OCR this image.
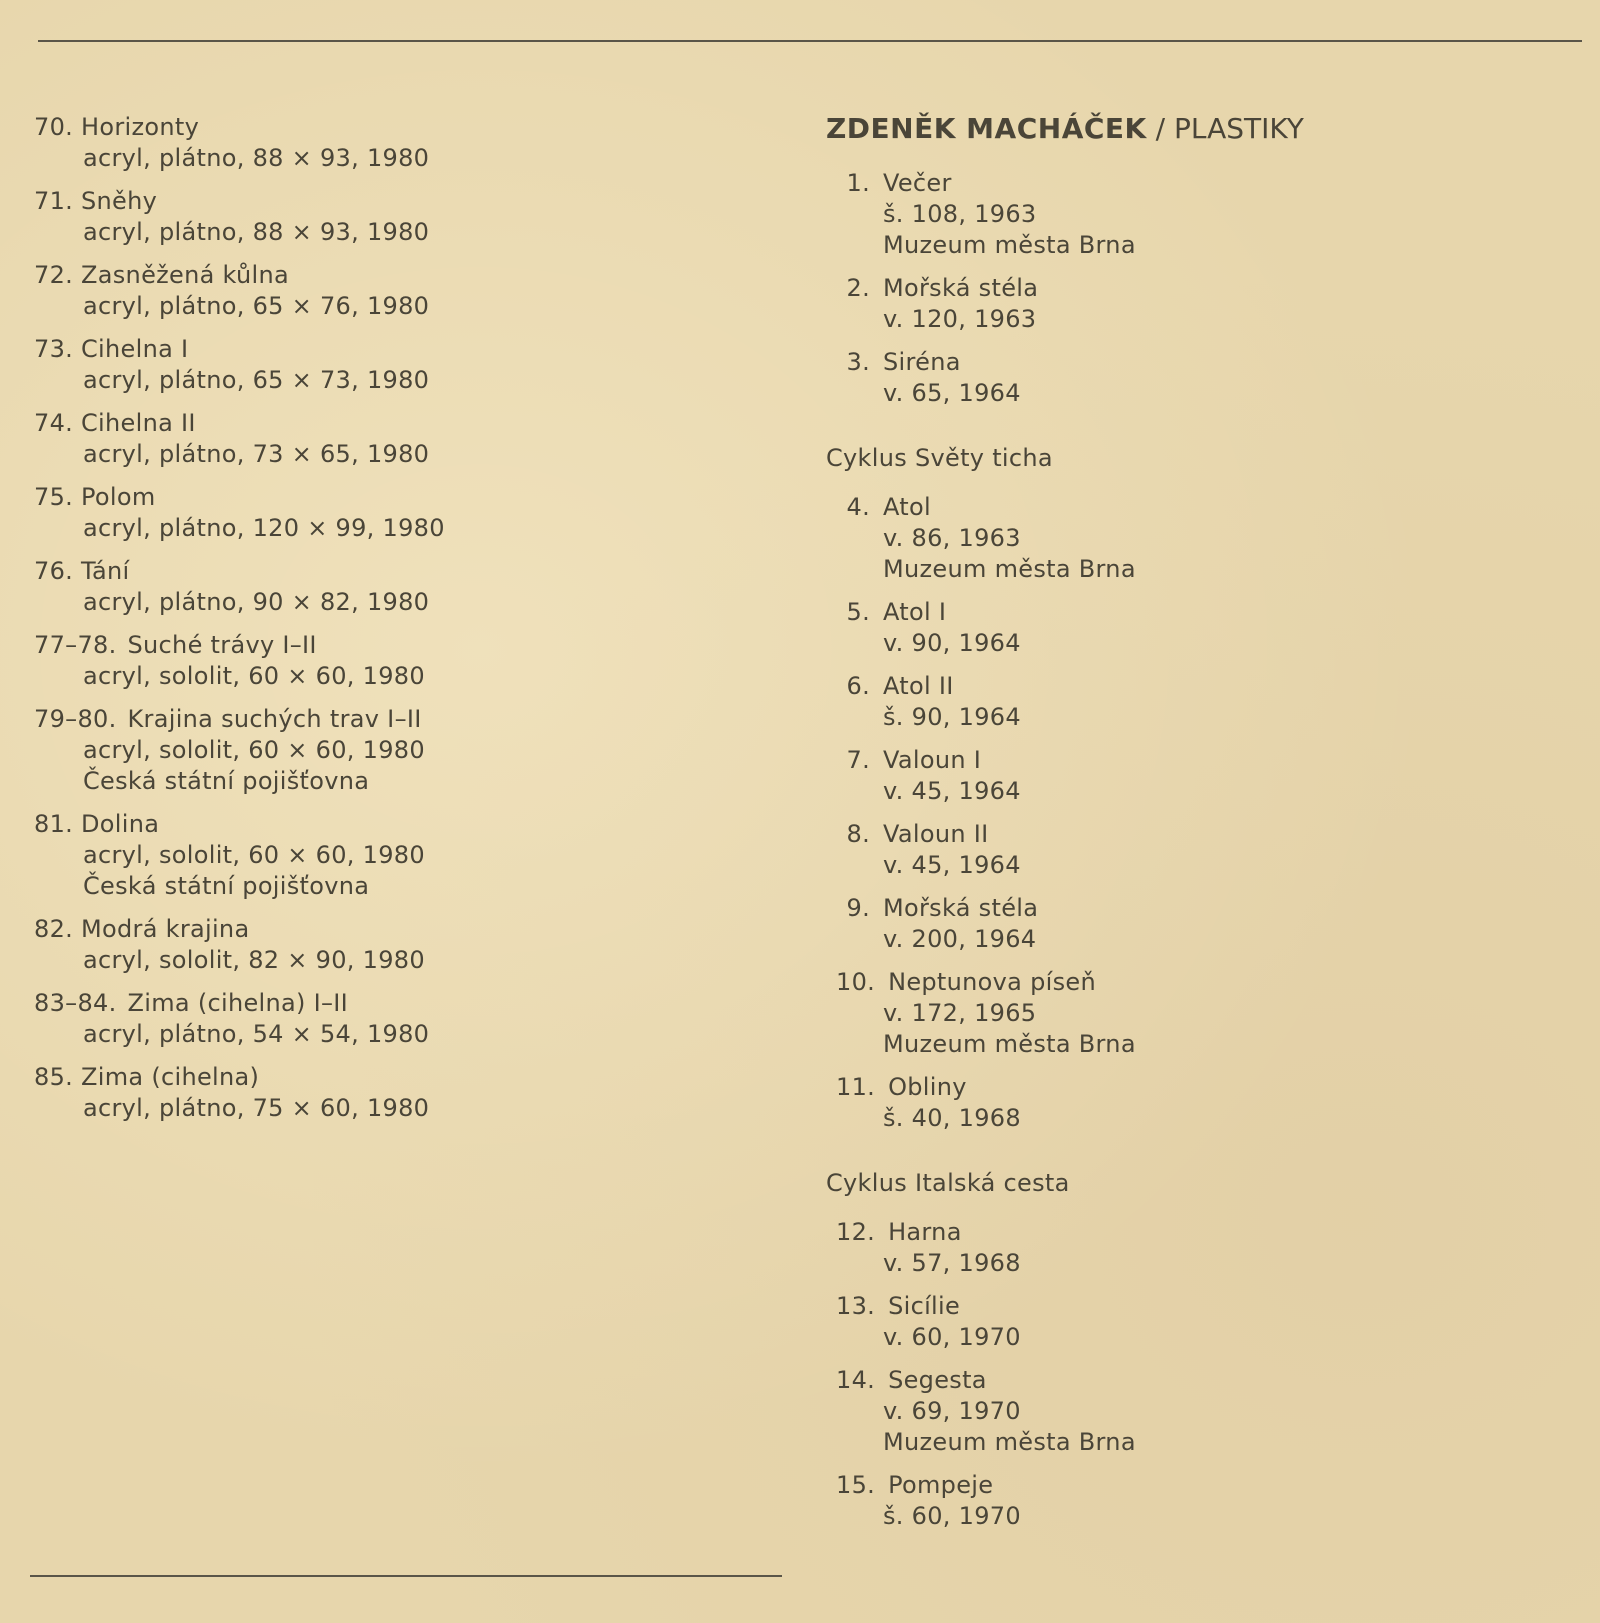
70. Horizonty
acryl, plátno, 88 × 93, 1980
71. Sněhy
acryl, plátno, 88 × 93, 1980
72. Zasněžená kůlna
acryl, plátno, 65 × 76, 1980
73. Cihelna I
acryl, plátno, 65 × 73, 1980
74. Cihelna II
acryl, plátno, 73 × 65, 1980
75. Polom
acryl, plátno, 120 × 99, 1980
76. Tání
acryl, plátno, 90 × 82, 1980
77–78. Suché trávy I–II
acryl, sololit, 60 × 60, 1980
79–80. Krajina suchých trav I–II
acryl, sololit, 60 × 60, 1980
Česká státní pojišťovna
81. Dolina
acryl, sololit, 60 × 60, 1980
Česká státní pojišťovna
82. Modrá krajina
acryl, sololit, 82 × 90, 1980
83–84. Zima (cihelna) I–II
acryl, plátno, 54 × 54, 1980
85. Zima (cihelna)
acryl, plátno, 75 × 60, 1980
ZDENĚK MACHÁČEK / PLASTIKY
1. Večer
š. 108, 1963
Muzeum města Brna
2. Mořská stéla
v. 120, 1963
3. Siréna
v. 65, 1964
Cyklus Světy ticha
4. Atol
v. 86, 1963
Muzeum města Brna
5. Atol I
v. 90, 1964
6. Atol II
š. 90, 1964
7. Valoun I
v. 45, 1964
8. Valoun II
v. 45, 1964
9. Mořská stéla
v. 200, 1964
10. Neptunova píseň
v. 172, 1965
Muzeum města Brna
11. Obliny
š. 40, 1968
Cyklus Italská cesta
12. Harna
v. 57, 1968
13. Sicílie
v. 60, 1970
14. Segesta
v. 69, 1970
Muzeum města Brna
15. Pompeje
š. 60, 1970
